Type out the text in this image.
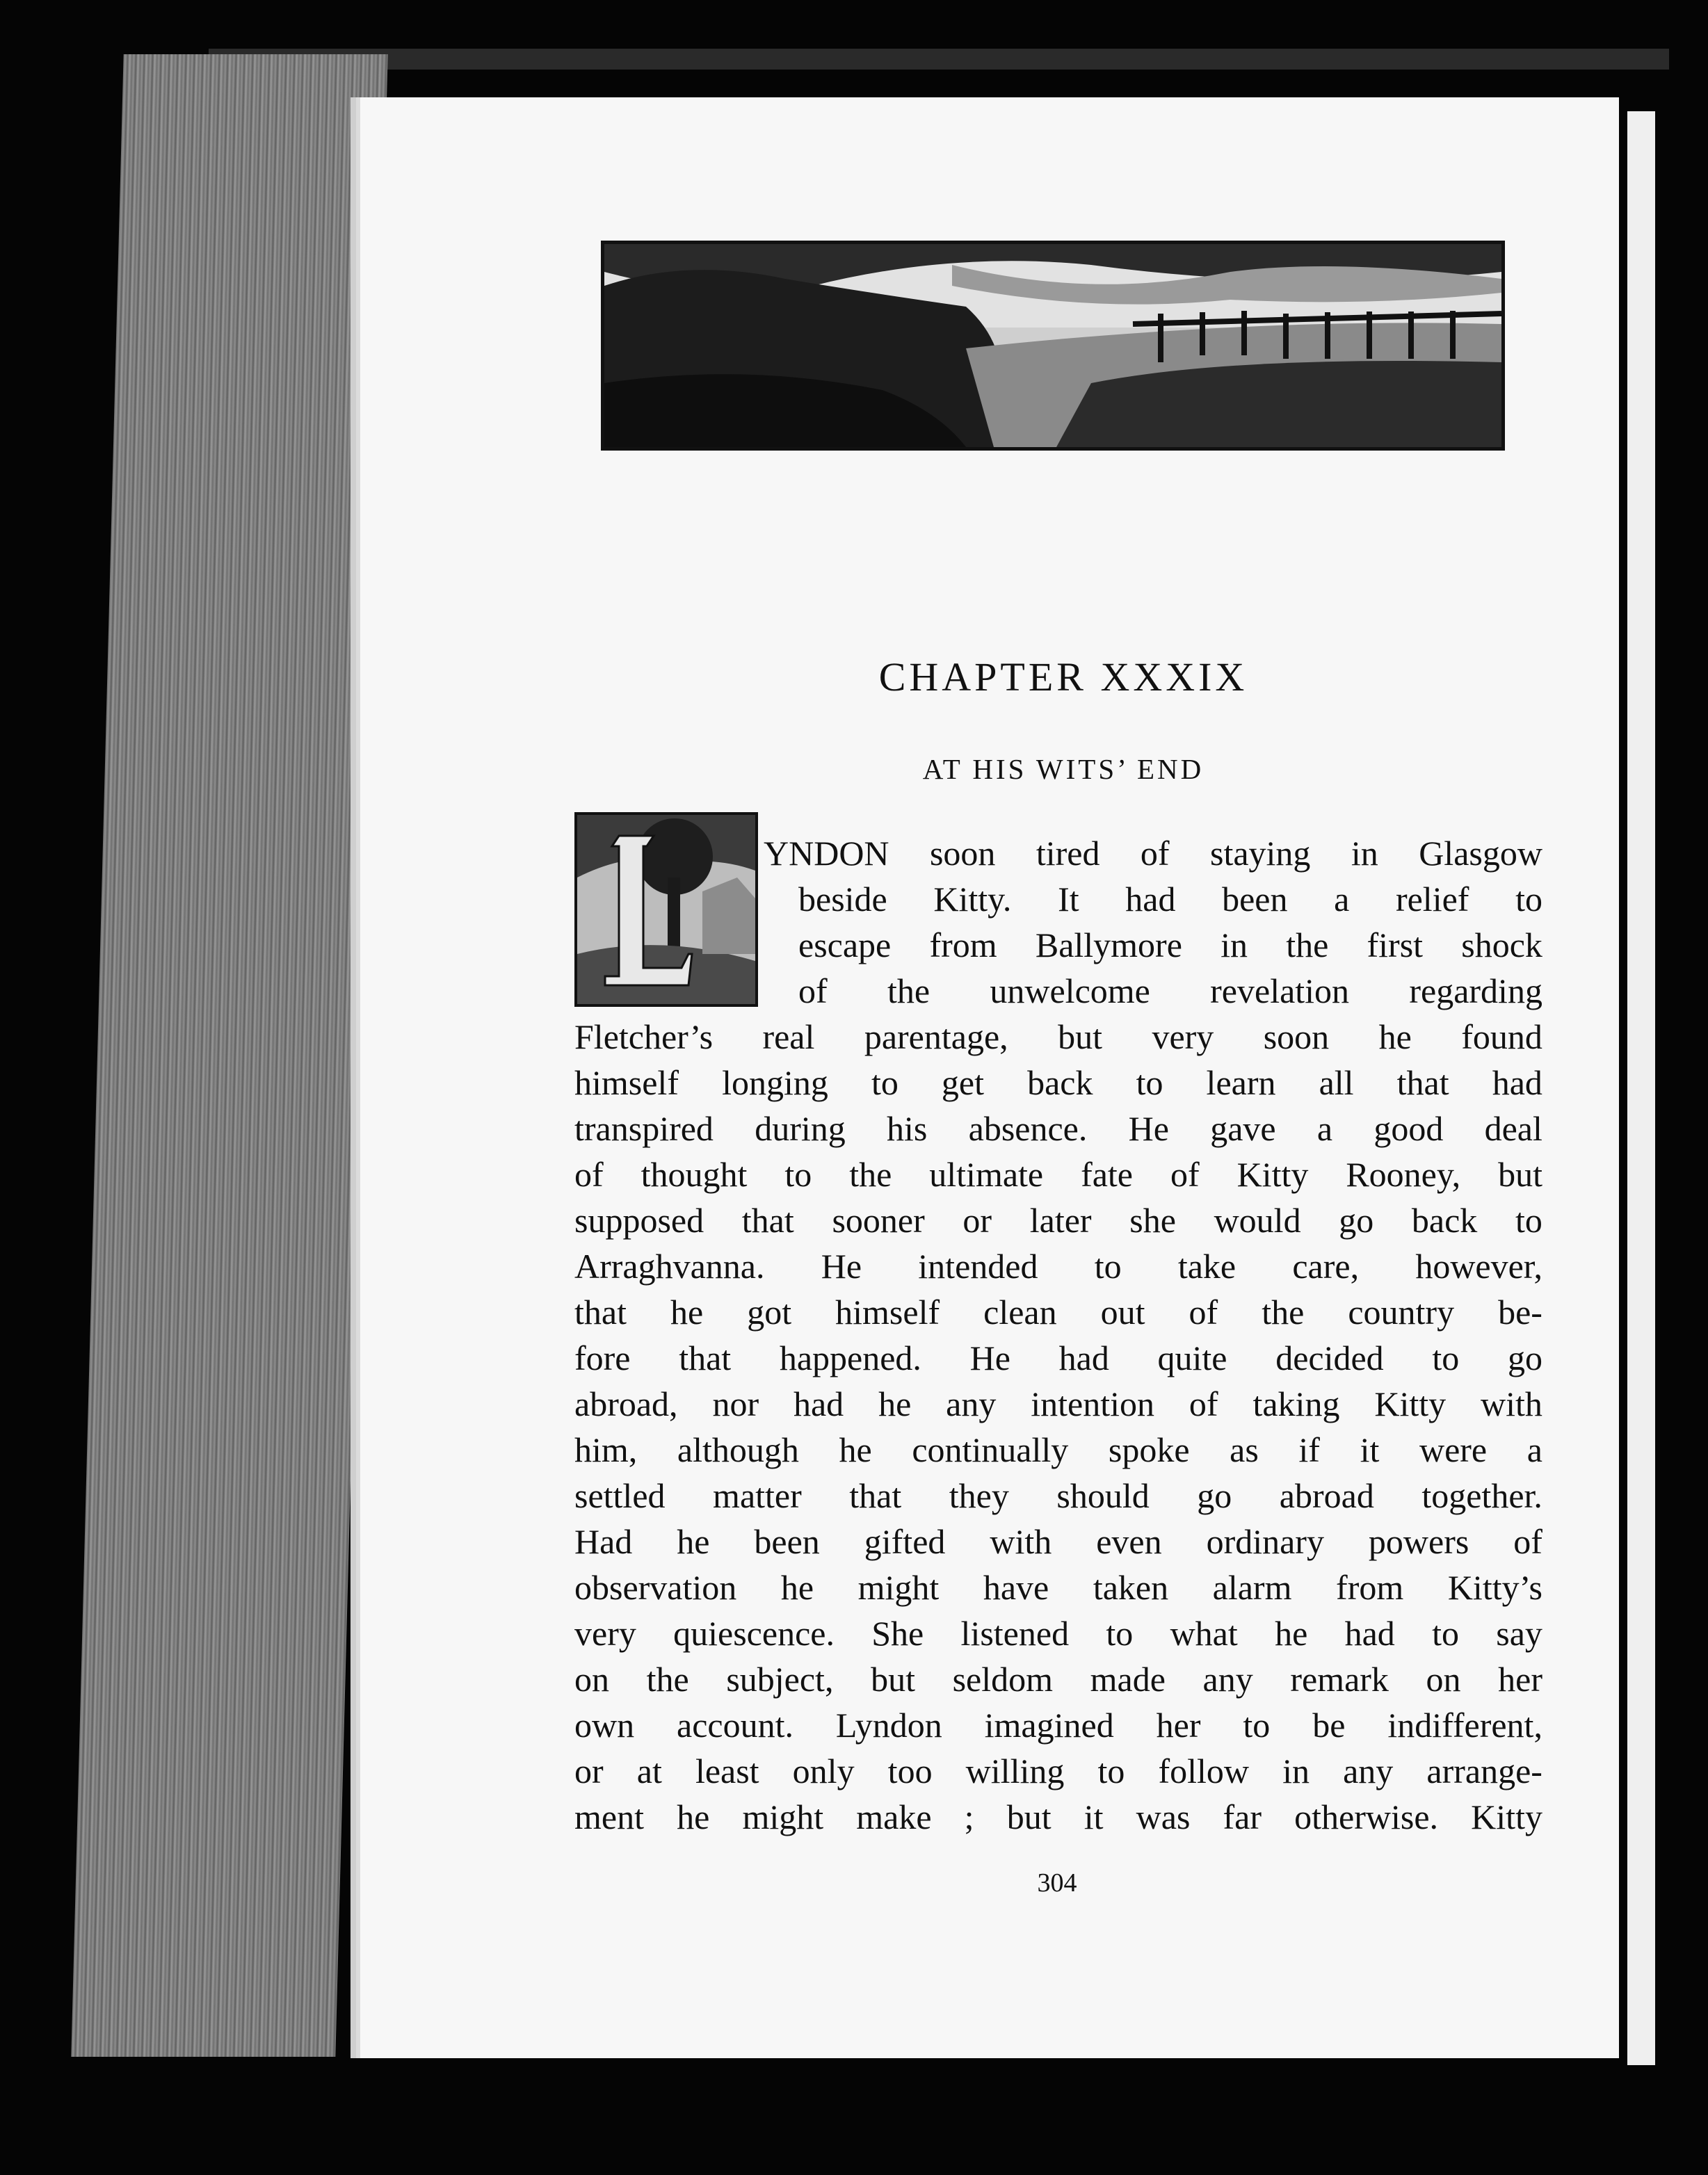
CHAPTER XXXIX
AT HIS WITS’ END
YNDON soon tired of staying in Glasgow
beside Kitty. It had been a relief to
escape from Ballymore in the first shock
of the unwelcome revelation regarding
Fletcher’s real parentage, but very soon he found
himself longing to get back to learn all that had
transpired during his absence. He gave a good deal
of thought to the ultimate fate of Kitty Rooney, but
supposed that sooner or later she would go back to
Arraghvanna. He intended to take care, however,
that he got himself clean out of the country be-
fore that happened. He had quite decided to go
abroad, nor had he any intention of taking Kitty with
him, although he continually spoke as if it were a
settled matter that they should go abroad together.
Had he been gifted with even ordinary powers of
observation he might have taken alarm from Kitty’s
very quiescence. She listened to what he had to say
on the subject, but seldom made any remark on her
own account. Lyndon imagined her to be indifferent,
or at least only too willing to follow in any arrange-
ment he might make ; but it was far otherwise. Kitty
304
